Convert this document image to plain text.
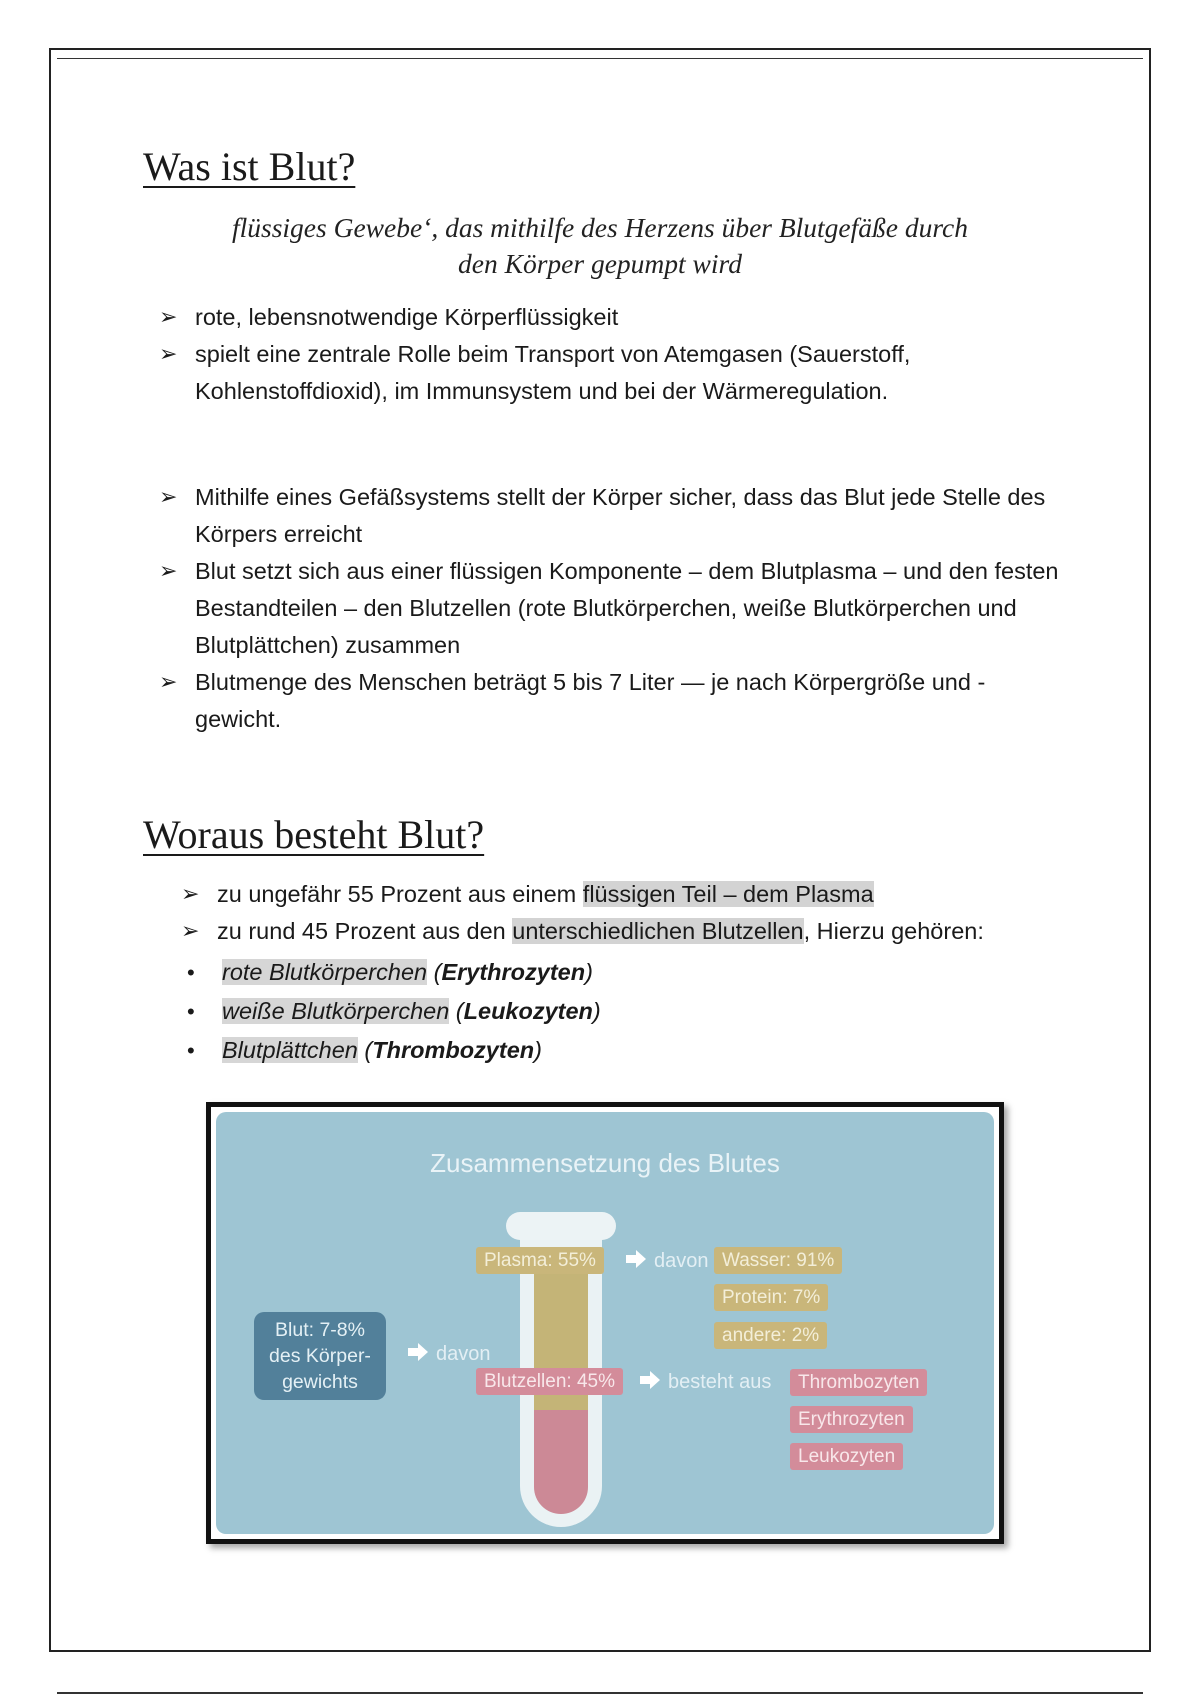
Was ist Blut?

flüssiges Gewebe‘, das mithilfe des Herzens über Blutgefäße durch
den Körper gepumpt wird

➢ rote, lebensnotwendige Körperflüssigkeit
➢ spielt eine zentrale Rolle beim Transport von Atemgasen (Sauerstoff, Kohlenstoffdioxid), im Immunsystem und bei der Wärmeregulation.
➢ Mithilfe eines Gefäßsystems stellt der Körper sicher, dass das Blut jede Stelle des Körpers erreicht
➢ Blut setzt sich aus einer flüssigen Komponente – dem Blutplasma – und den festen Bestandteilen – den Blutzellen (rote Blutkörperchen, weiße Blutkörperchen und Blutplättchen) zusammen
➢ Blutmenge des Menschen beträgt 5 bis 7 Liter — je nach Körpergröße und -gewicht.
Woraus besteht Blut?
➢ zu ungefähr 55 Prozent aus einem flüssigen Teil – dem Plasma
➢ zu rund 45 Prozent aus den unterschiedlichen Blutzellen, Hierzu gehören:
• rote Blutkörperchen (Erythrozyten)
• weiße Blutkörperchen (Leukozyten)
• Blutplättchen (Thrombozyten)
Zusammensetzung des Blutes
Blut: 7-8%
des Körper-
gewichts
davon
Plasma: 55%	davon Wasser: 91%
Protein: 7%
andere: 2%
Blutzellen: 45%	besteht aus	Thrombozyten
Erythrozyten
Leukozyten
